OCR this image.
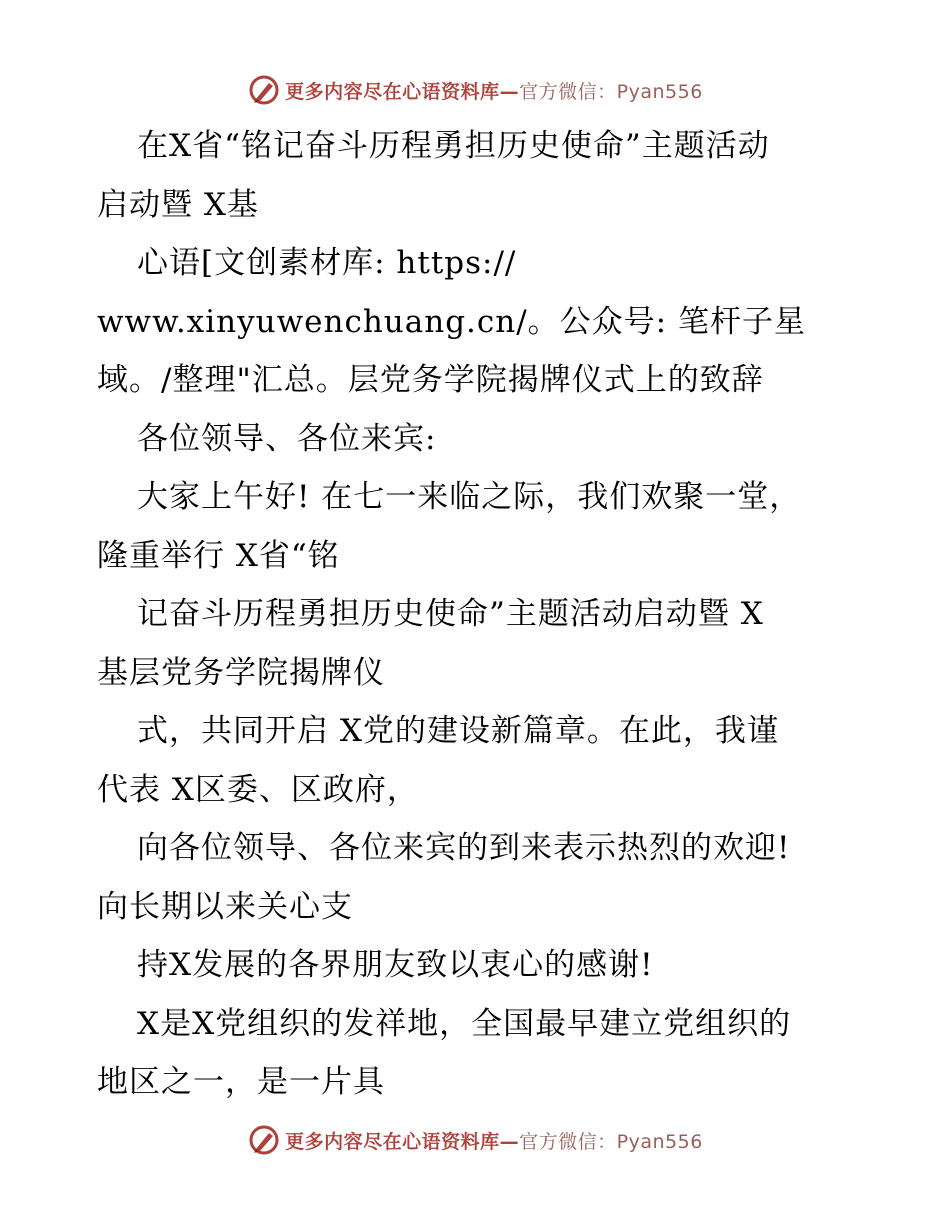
更多内容尽在心语资料库—官方微信：Pyan556
在X省“铭记奋斗历程勇担历史使命”主题活动
启动暨 X基
心语[文创素材库: https://
www.xinyuwenchuang.cn/。公众号: 笔杆子星
域。/整理"汇总。层党务学院揭牌仪式上的致辞
各位领导、各位来宾:
大家上午好! 在七一来临之际，我们欢聚一堂，
隆重举行 X省“铭
记奋斗历程勇担历史使命”主题活动启动暨 X
基层党务学院揭牌仪
式，共同开启 X党的建设新篇章。在此，我谨
代表 X区委、区政府，
向各位领导、各位来宾的到来表示热烈的欢迎!
向长期以来关心支
持X发展的各界朋友致以衷心的感谢!
X是X党组织的发祥地，全国最早建立党组织的
地区之一，是一片具
更多内容尽在心语资料库—官方微信：Pyan556
